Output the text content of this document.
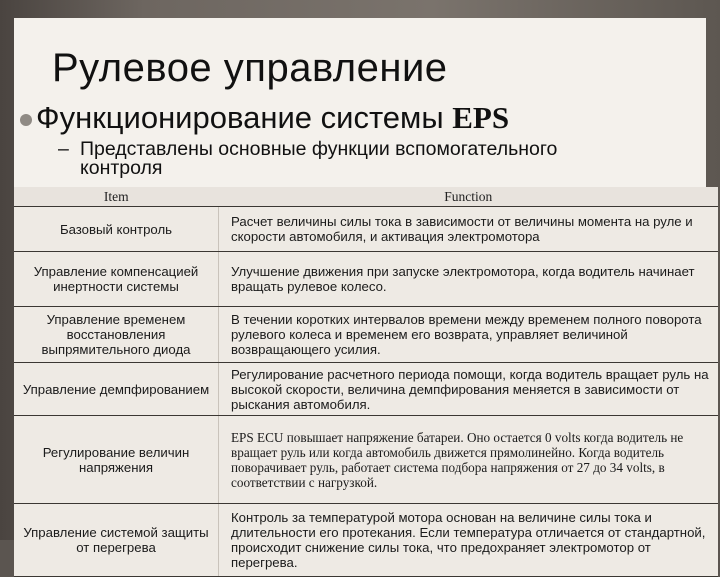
Рулевое управление
Функционирование системы EPS
– Представлены основные функции вспомогательного
контроля
Item	Function
Базовый контроль	Расчет величины силы тока в зависимости от величины момента на руле и скорости автомобиля, и активация электромотора
Управление компенсацией инертности системы	Улучшение движения при запуске электромотора, когда водитель начинает вращать рулевое колесо.
Управление временем восстановления выпрямительного диода	В течении коротких интервалов времени между временем полного поворота рулевого колеса и временем его возврата, управляет величиной возвращающего усилия.
Управление демпфированием	Регулирование расчетного периода помощи, когда водитель вращает руль на высокой скорости, величина демпфирования меняется в зависимости от рыскания автомобиля.
Регулирование величин напряжения	EPS ECU повышает напряжение батареи. Оно остается 0 volts когда водитель не вращает руль или когда автомобиль движется прямолинейно. Когда водитель поворачивает руль, работает система подбора напряжения от 27 до 34 volts, в соответствии с нагрузкой.
Управление системой защиты от перегрева	Контроль за температурой мотора основан на величине силы тока и длительности его протекания. Если температура отличается от стандартной, происходит снижение силы тока, что предохраняет электромотор от перегрева.
